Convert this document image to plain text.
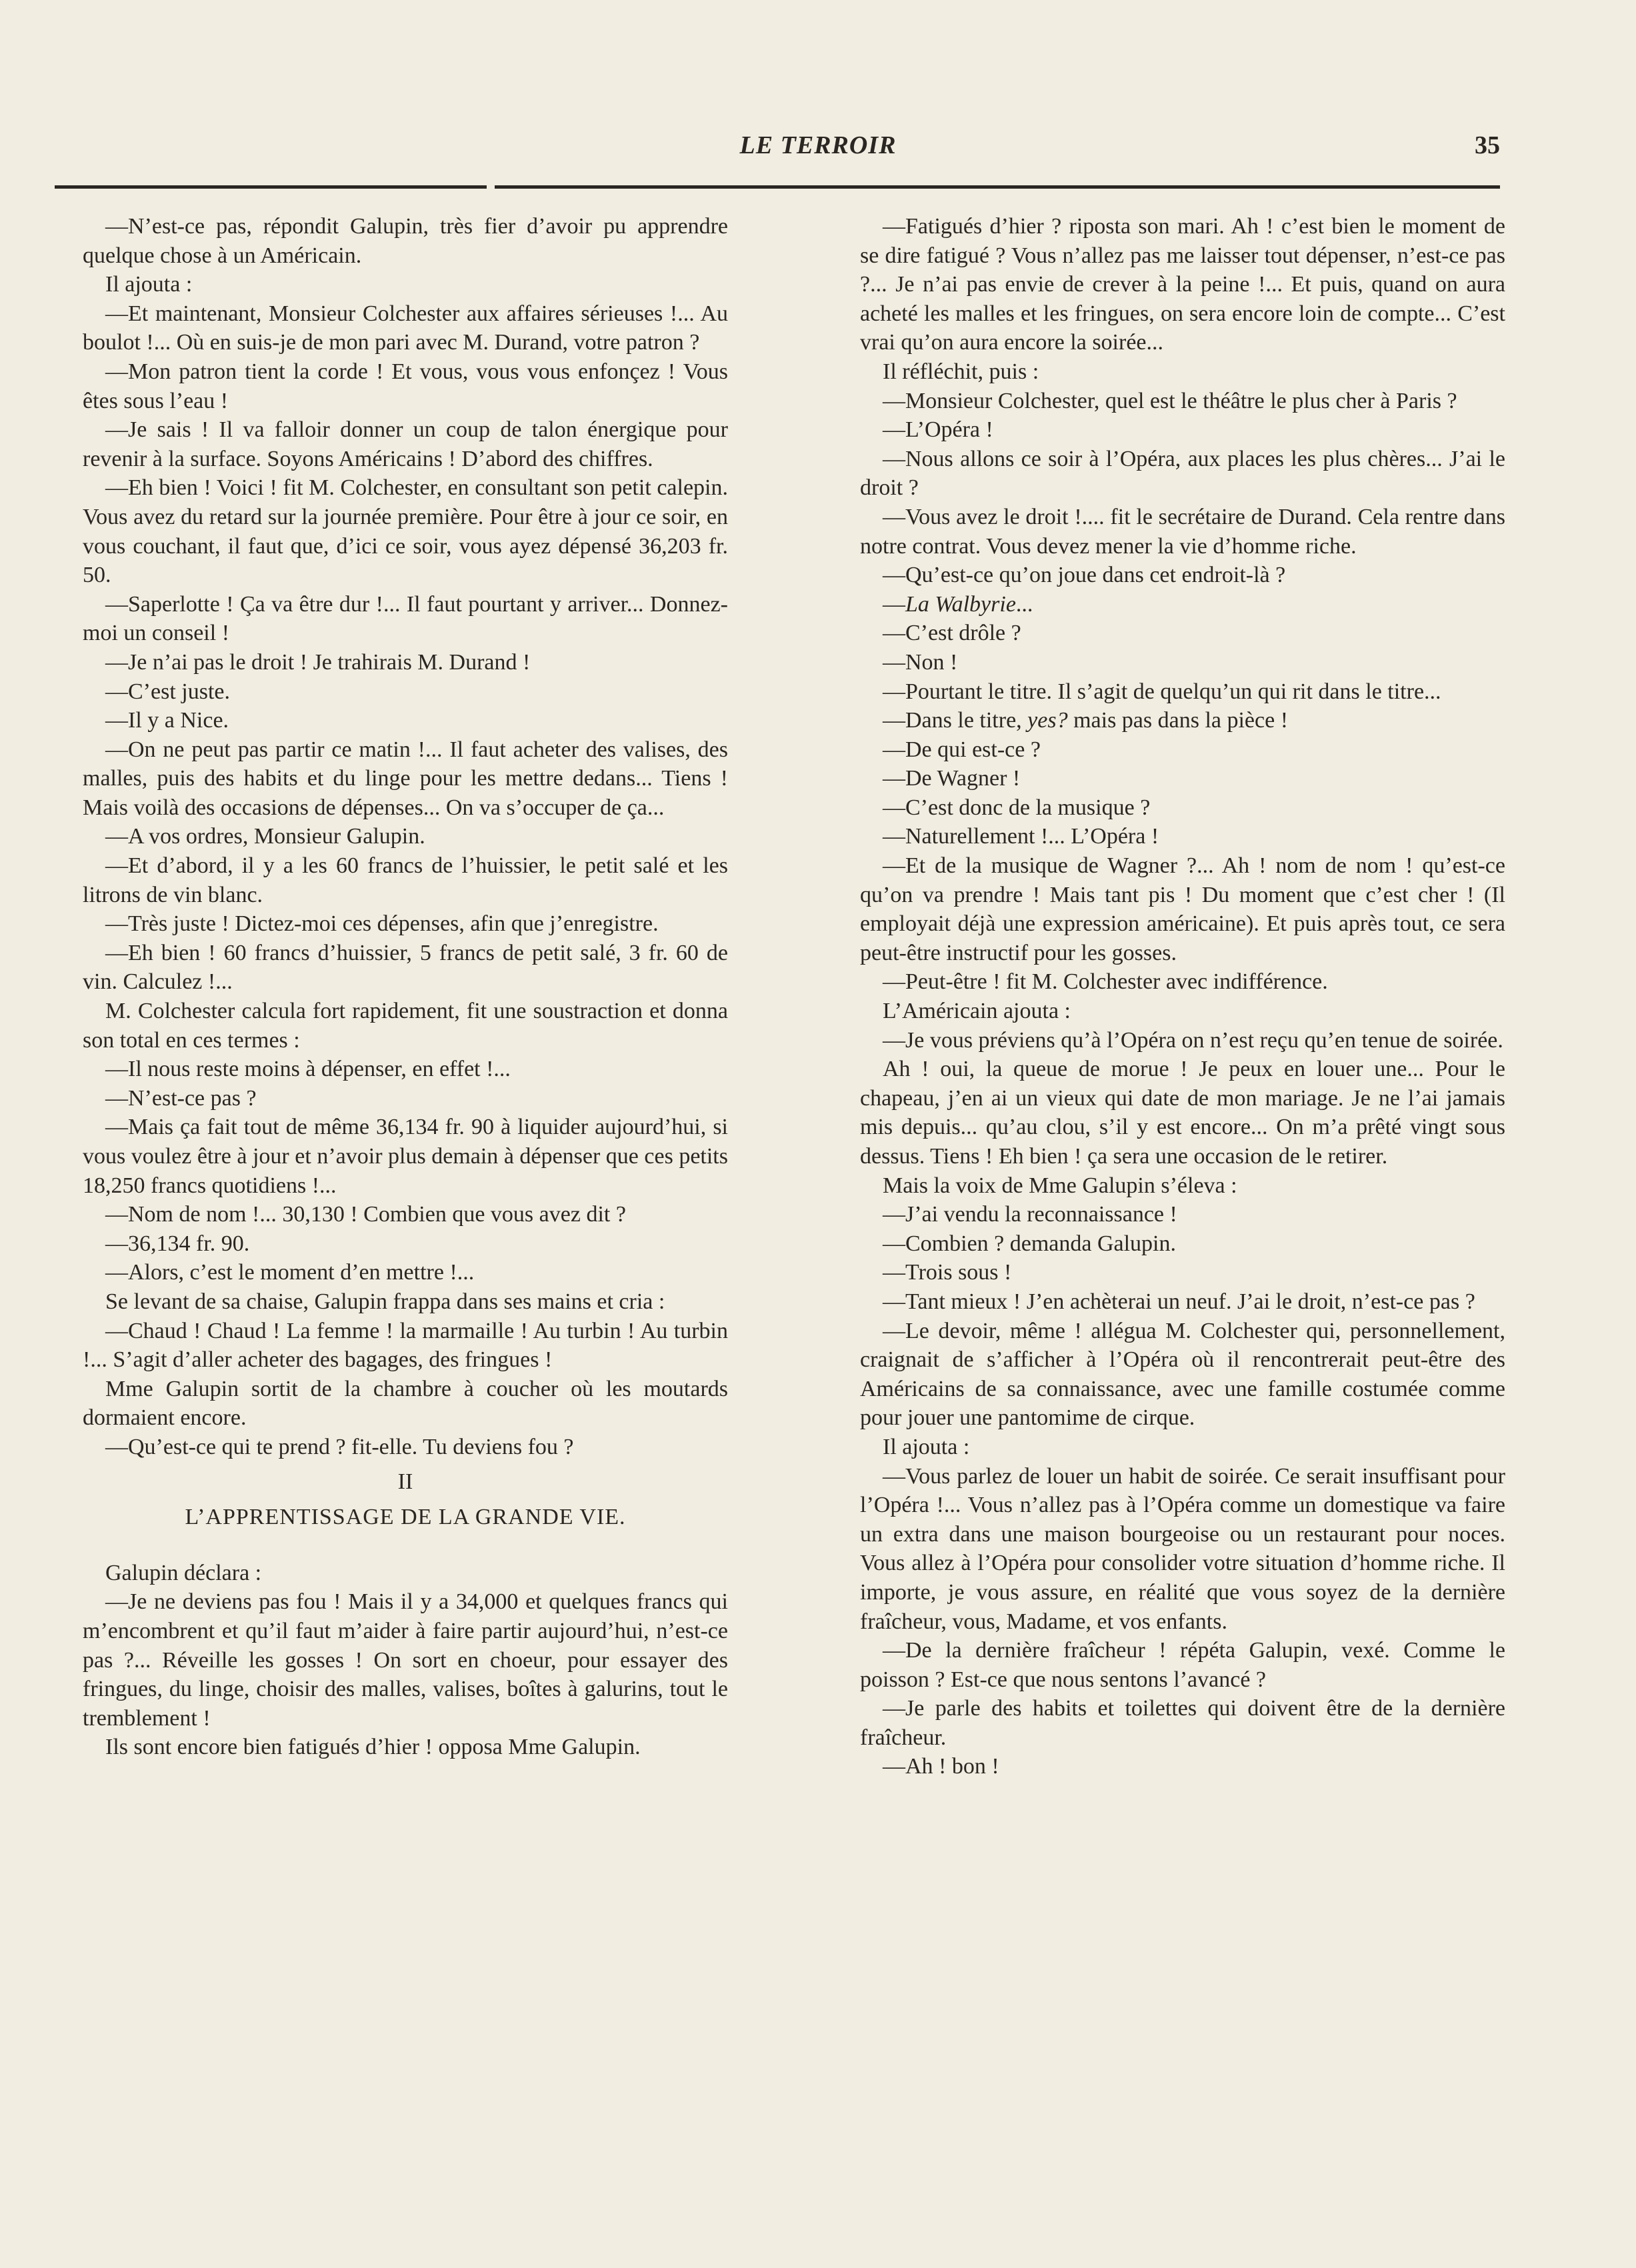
LE TERROIR	35

—N’est-ce pas, répondit Galupin, très fier d’avoir pu apprendre quelque chose à un Américain.

Il ajouta :

—Et maintenant, Monsieur Colchester aux affaires sérieuses !... Au boulot !... Où en suis-je de mon pari avec M. Durand, votre patron ?

—Mon patron tient la corde ! Et vous, vous vous enfonçez ! Vous êtes sous l’eau !

—Je sais ! Il va falloir donner un coup de talon énergique pour revenir à la surface. Soyons Américains ! D’abord des chiffres.

—Eh bien ! Voici ! fit M. Colchester, en consultant son petit calepin. Vous avez du retard sur la journée première. Pour être à jour ce soir, en vous couchant, il faut que, d’ici ce soir, vous ayez dépensé 36,203 fr. 50.

—Saperlotte ! Ça va être dur !... Il faut pourtant y arriver... Donnez-moi un conseil !

—Je n’ai pas le droit ! Je trahirais M. Durand !

—C’est juste.

—Il y a Nice.

—On ne peut pas partir ce matin !... Il faut acheter des valises, des malles, puis des habits et du linge pour les mettre dedans... Tiens ! Mais voilà des occasions de dépenses... On va s’occuper de ça...

—A vos ordres, Monsieur Galupin.

—Et d’abord, il y a les 60 francs de l’huissier, le petit salé et les litrons de vin blanc.

—Très juste ! Dictez-moi ces dépenses, afin que j’enregistre.

—Eh bien ! 60 francs d’huissier, 5 francs de petit salé, 3 fr. 60 de vin. Calculez !...

M. Colchester calcula fort rapidement, fit une soustraction et donna son total en ces termes :

—Il nous reste moins à dépenser, en effet !...

—N’est-ce pas ?

—Mais ça fait tout de même 36,134 fr. 90 à liquider aujourd’hui, si vous voulez être à jour et n’avoir plus demain à dépenser que ces petits 18,250 francs quotidiens !...

—Nom de nom !... 30,130 ! Combien que vous avez dit ?

—36,134 fr. 90.

—Alors, c’est le moment d’en mettre !...

Se levant de sa chaise, Galupin frappa dans ses mains et cria :

—Chaud ! Chaud ! La femme ! la marmaille ! Au turbin ! Au turbin !... S’agit d’aller acheter des bagages, des fringues !

Mme Galupin sortit de la chambre à coucher où les moutards dormaient encore.

—Qu’est-ce qui te prend ? fit-elle. Tu deviens fou ?

II

L’APPRENTISSAGE DE LA GRANDE VIE.

Galupin déclara :

—Je ne deviens pas fou ! Mais il y a 34,000 et quelques francs qui m’encombrent et qu’il faut m’aider à faire partir aujourd’hui, n’est-ce pas ?... Réveille les gosses ! On sort en choeur, pour essayer des fringues, du linge, choisir des malles, valises, boîtes à galurins, tout le tremblement !

Ils sont encore bien fatigués d’hier ! opposa Mme Galupin.

—Fatigués d’hier ? riposta son mari. Ah ! c’est bien le moment de se dire fatigué ? Vous n’allez pas me laisser tout dépenser, n’est-ce pas ?... Je n’ai pas envie de crever à la peine !... Et puis, quand on aura acheté les malles et les fringues, on sera encore loin de compte... C’est vrai qu’on aura encore la soirée...

Il réfléchit, puis :

—Monsieur Colchester, quel est le théâtre le plus cher à Paris ?

—L’Opéra !

—Nous allons ce soir à l’Opéra, aux places les plus chères... J’ai le droit ?

—Vous avez le droit !.... fit le secrétaire de Durand. Cela rentre dans notre contrat. Vous devez mener la vie d’homme riche.

—Qu’est-ce qu’on joue dans cet endroit-là ?

—La Walbyrie...

—C’est drôle ?

—Non !

—Pourtant le titre. Il s’agit de quelqu’un qui rit dans le titre...

—Dans le titre, yes? mais pas dans la pièce !

—De qui est-ce ?

—De Wagner !

—C’est donc de la musique ?

—Naturellement !... L’Opéra !

—Et de la musique de Wagner ?... Ah ! nom de nom ! qu’est-ce qu’on va prendre ! Mais tant pis ! Du moment que c’est cher ! (Il employait déjà une expression américaine). Et puis après tout, ce sera peut-être instructif pour les gosses.

—Peut-être ! fit M. Colchester avec indifférence.

L’Américain ajouta :

—Je vous préviens qu’à l’Opéra on n’est reçu qu’en tenue de soirée.

Ah ! oui, la queue de morue ! Je peux en louer une... Pour le chapeau, j’en ai un vieux qui date de mon mariage. Je ne l’ai jamais mis depuis... qu’au clou, s’il y est encore... On m’a prêté vingt sous dessus. Tiens ! Eh bien ! ça sera une occasion de le retirer.

Mais la voix de Mme Galupin s’éleva :

—J’ai vendu la reconnaissance !

—Combien ? demanda Galupin.

—Trois sous !

—Tant mieux ! J’en achèterai un neuf. J’ai le droit, n’est-ce pas ?

—Le devoir, même ! allégua M. Colchester qui, personnellement, craignait de s’afficher à l’Opéra où il rencontrerait peut-être des Américains de sa connaissance, avec une famille costumée comme pour jouer une pantomime de cirque.

Il ajouta :

—Vous parlez de louer un habit de soirée. Ce serait insuffisant pour l’Opéra !... Vous n’allez pas à l’Opéra comme un domestique va faire un extra dans une maison bourgeoise ou un restaurant pour noces. Vous allez à l’Opéra pour consolider votre situation d’homme riche. Il importe, je vous assure, en réalité que vous soyez de la dernière fraîcheur, vous, Madame, et vos enfants.

—De la dernière fraîcheur ! répéta Galupin, vexé. Comme le poisson ? Est-ce que nous sentons l’avancé ?

—Je parle des habits et toilettes qui doivent être de la dernière fraîcheur.

—Ah ! bon !
